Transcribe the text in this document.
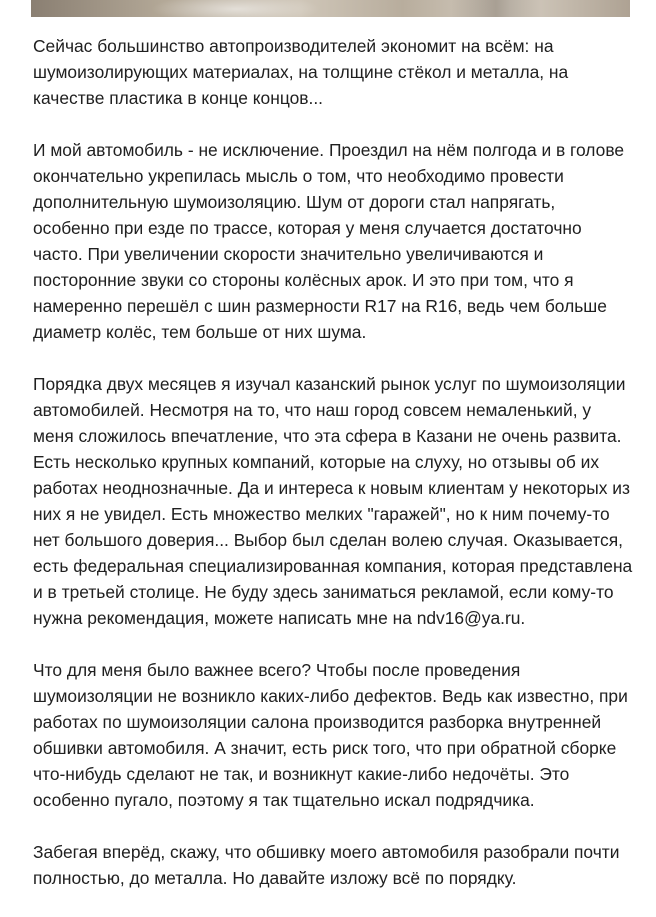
Сейчас большинство автопроизводителей экономит на всём: на шумоизолирующих материалах, на толщине стёкол и металла, на качестве пластика в конце концов...

И мой автомобиль - не исключение. Проездил на нём полгода и в голове окончательно укрепилась мысль о том, что необходимо провести дополнительную шумоизоляцию. Шум от дороги стал напрягать, особенно при езде по трассе, которая у меня случается достаточно часто. При увеличении скорости значительно увеличиваются и посторонние звуки со стороны колёсных арок. И это при том, что я намеренно перешёл с шин размерности R17 на R16, ведь чем больше диаметр колёс, тем больше от них шума.

Порядка двух месяцев я изучал казанский рынок услуг по шумоизоляции автомобилей. Несмотря на то, что наш город совсем немаленький, у меня сложилось впечатление, что эта сфера в Казани не очень развита. Есть несколько крупных компаний, которые на слуху, но отзывы об их работах неоднозначные. Да и интереса к новым клиентам у некоторых из них я не увидел. Есть множество мелких "гаражей", но к ним почему-то нет большого доверия... Выбор был сделан волею случая. Оказывается, есть федеральная специализированная компания, которая представлена и в третьей столице. Не буду здесь заниматься рекламой, если кому-то нужна рекомендация, можете написать мне на ndv16@ya.ru.

Что для меня было важнее всего? Чтобы после проведения шумоизоляции не возникло каких-либо дефектов. Ведь как известно, при работах по шумоизоляции салона производится разборка внутренней обшивки автомобиля. А значит, есть риск того, что при обратной сборке что-нибудь сделают не так, и возникнут какие-либо недочёты. Это особенно пугало, поэтому я так тщательно искал подрядчика.

Забегая вперёд, скажу, что обшивку моего автомобиля разобрали почти полностью, до металла. Но давайте изложу всё по порядку.
